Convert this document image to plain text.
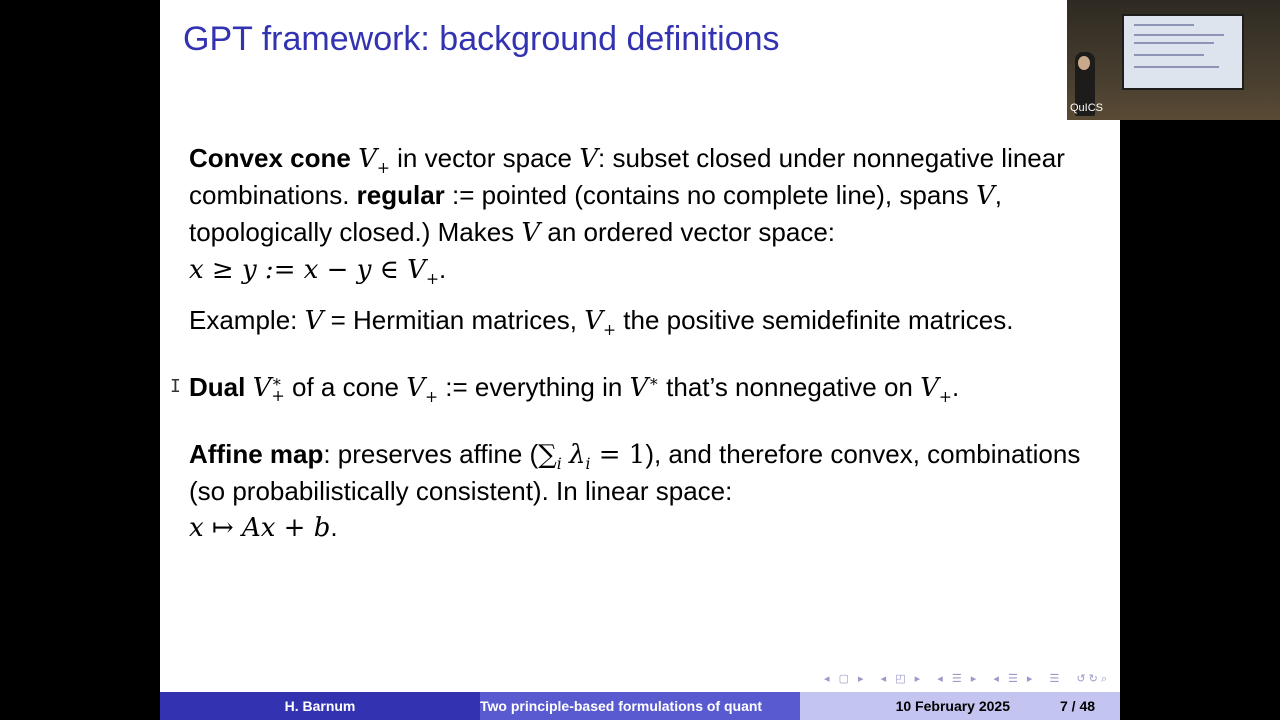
GPT framework: background definitions

Convex cone $V_+$ in vector space V: subset closed under nonnegative linear combinations. regular := pointed (contains no complete line), spans V, topologically closed.) Makes V an ordered vector space:
x ≥ y := x − y ∈ $V_+$.

Example: V = Hermitian matrices, $V_+$ the positive semidefinite matrices.

Dual V ∗
+ of a cone $V_+$ := everything in V∗ that’s nonnegative on $V_+$.

Affine map: preserves affine ($\sum_i$ $\lambda_i = 1$), and therefore convex, combinations (so probabilistically consistent). In linear space:
x ↦ Ax + b.

I
◂ ▢ ▸ ◂ ◰ ▸ ◂ ☰ ▸ ◂ ☰ ▸ ☰ ↺↻⌕
H. Barnum	Two principle-based formulations of quant	10 February 2025	7 / 48
QuICS
